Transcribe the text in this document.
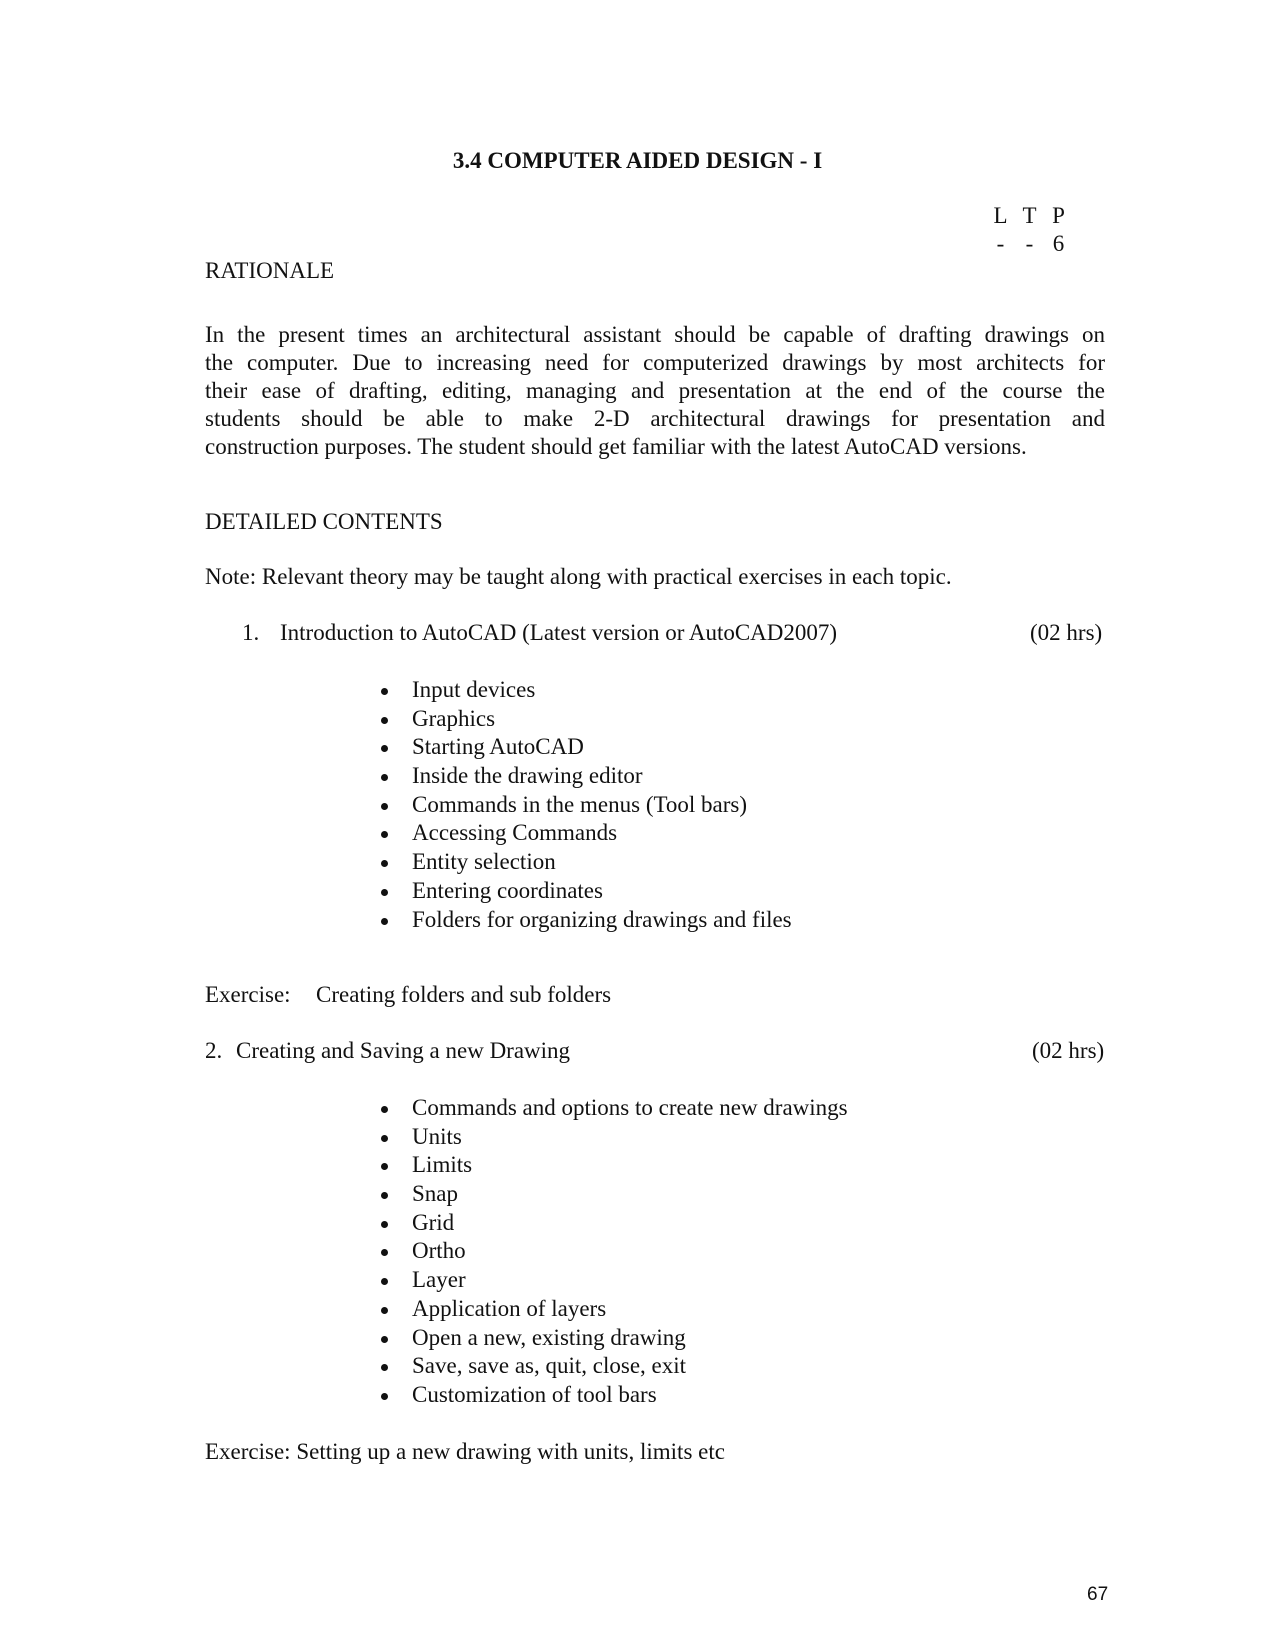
3.4 COMPUTER AIDED DESIGN - I
L T P
- - 6
RATIONALE
In the present times an architectural assistant should be capable of drafting drawings on
the computer. Due to increasing need for computerized drawings by most architects for
their ease of drafting, editing, managing and presentation at the end of the course the
students should be able to make 2-D architectural drawings for presentation and
construction purposes. The student should get familiar with the latest AutoCAD versions.
DETAILED CONTENTS
Note: Relevant theory may be taught along with practical exercises in each topic.
1. Introduction to AutoCAD (Latest version or AutoCAD2007)	(02 hrs)
Input devices
Graphics
Starting AutoCAD
Inside the drawing editor
Commands in the menus (Tool bars)
Accessing Commands
Entity selection
Entering coordinates
Folders for organizing drawings and files
Exercise: Creating folders and sub folders
2. Creating and Saving a new Drawing	(02 hrs)
Commands and options to create new drawings
Units
Limits
Snap
Grid
Ortho
Layer
Application of layers
Open a new, existing drawing
Save, save as, quit, close, exit
Customization of tool bars
Exercise: Setting up a new drawing with units, limits etc
67
